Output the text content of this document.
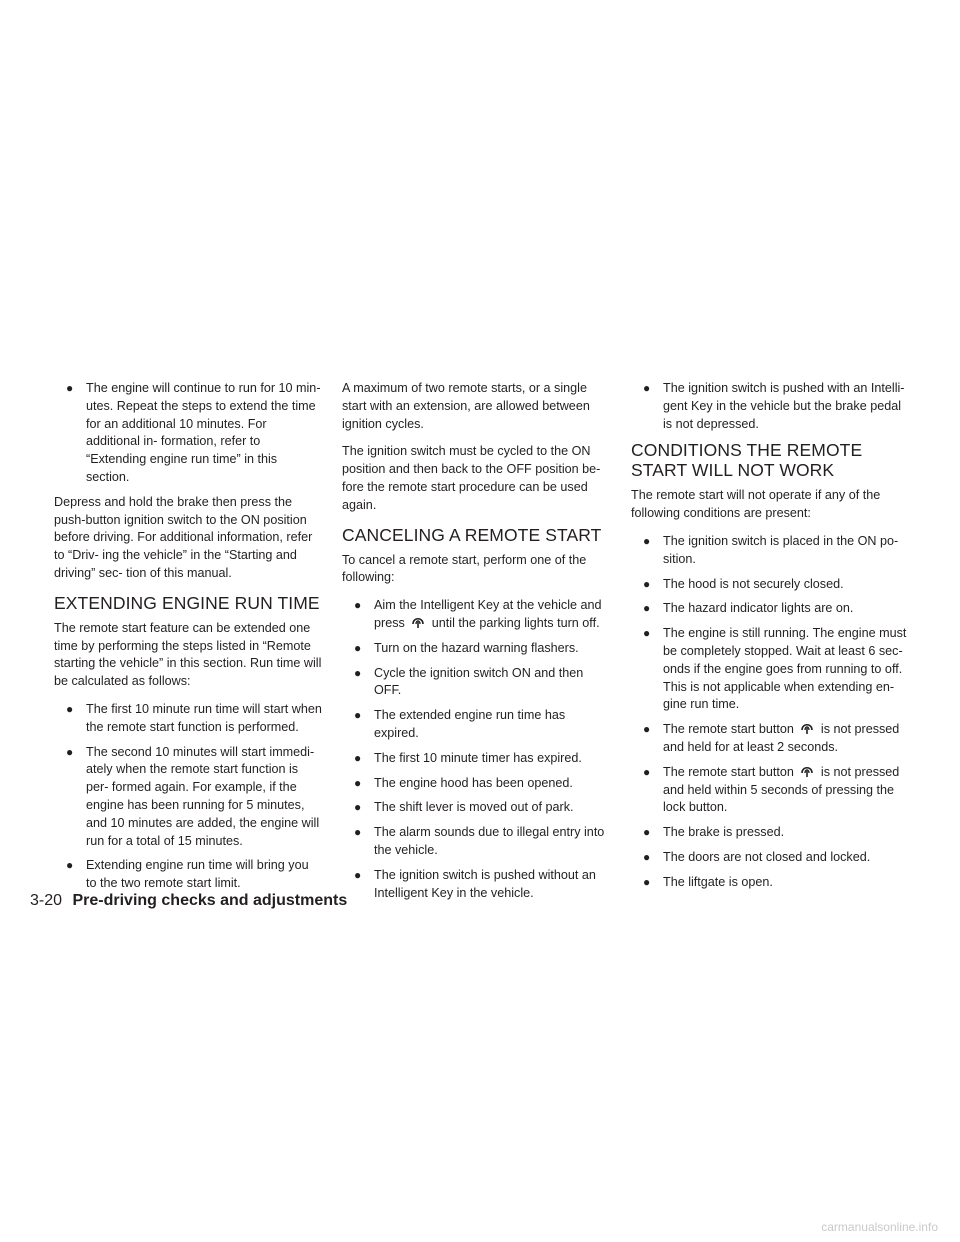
● The engine will continue to run for 10 min- utes. Repeat the steps to extend the time for an additional 10 minutes. For additional in- formation, refer to “Extending engine run time” in this section.

Depress and hold the brake then press the push-button ignition switch to the ON position before driving. For additional information, refer to “Driv- ing the vehicle” in the “Starting and driving” sec- tion of this manual.

EXTENDING ENGINE RUN TIME

The remote start feature can be extended one time by performing the steps listed in “Remote starting the vehicle” in this section. Run time will be calculated as follows:

● The first 10 minute run time will start when the remote start function is performed.
● The second 10 minutes will start immedi- ately when the remote start function is per- formed again. For example, if the engine has been running for 5 minutes, and 10 minutes are added, the engine will run for a total of 15 minutes.
● Extending engine run time will bring you to the two remote start limit.

A maximum of two remote starts, or a single start with an extension, are allowed between ignition cycles.

The ignition switch must be cycled to the ON position and then back to the OFF position be- fore the remote start procedure can be used again.

CANCELING A REMOTE START

To cancel a remote start, perform one of the following:

● Aim the Intelligent Key at the vehicle and press until the parking lights turn off.
● Turn on the hazard warning flashers.
● Cycle the ignition switch ON and then OFF.
● The extended engine run time has expired.
● The first 10 minute timer has expired.
● The engine hood has been opened.
● The shift lever is moved out of park.
● The alarm sounds due to illegal entry into the vehicle.
● The ignition switch is pushed without an Intelligent Key in the vehicle.
● The ignition switch is pushed with an Intelli- gent Key in the vehicle but the brake pedal is not depressed.
CONDITIONS THE REMOTE START WILL NOT WORK

The remote start will not operate if any of the following conditions are present:

● The ignition switch is placed in the ON po- sition.
● The hood is not securely closed.
● The hazard indicator lights are on.
● The engine is still running. The engine must be completely stopped. Wait at least 6 sec- onds if the engine goes from running to off. This is not applicable when extending en- gine run time.
● The remote start button is not pressed and held for at least 2 seconds.
● The remote start button is not pressed and held within 5 seconds of pressing the lock button.
● The brake is pressed.
● The doors are not closed and locked.
● The liftgate is open.
3-20 Pre-driving checks and adjustments
carmanualsonline.info
